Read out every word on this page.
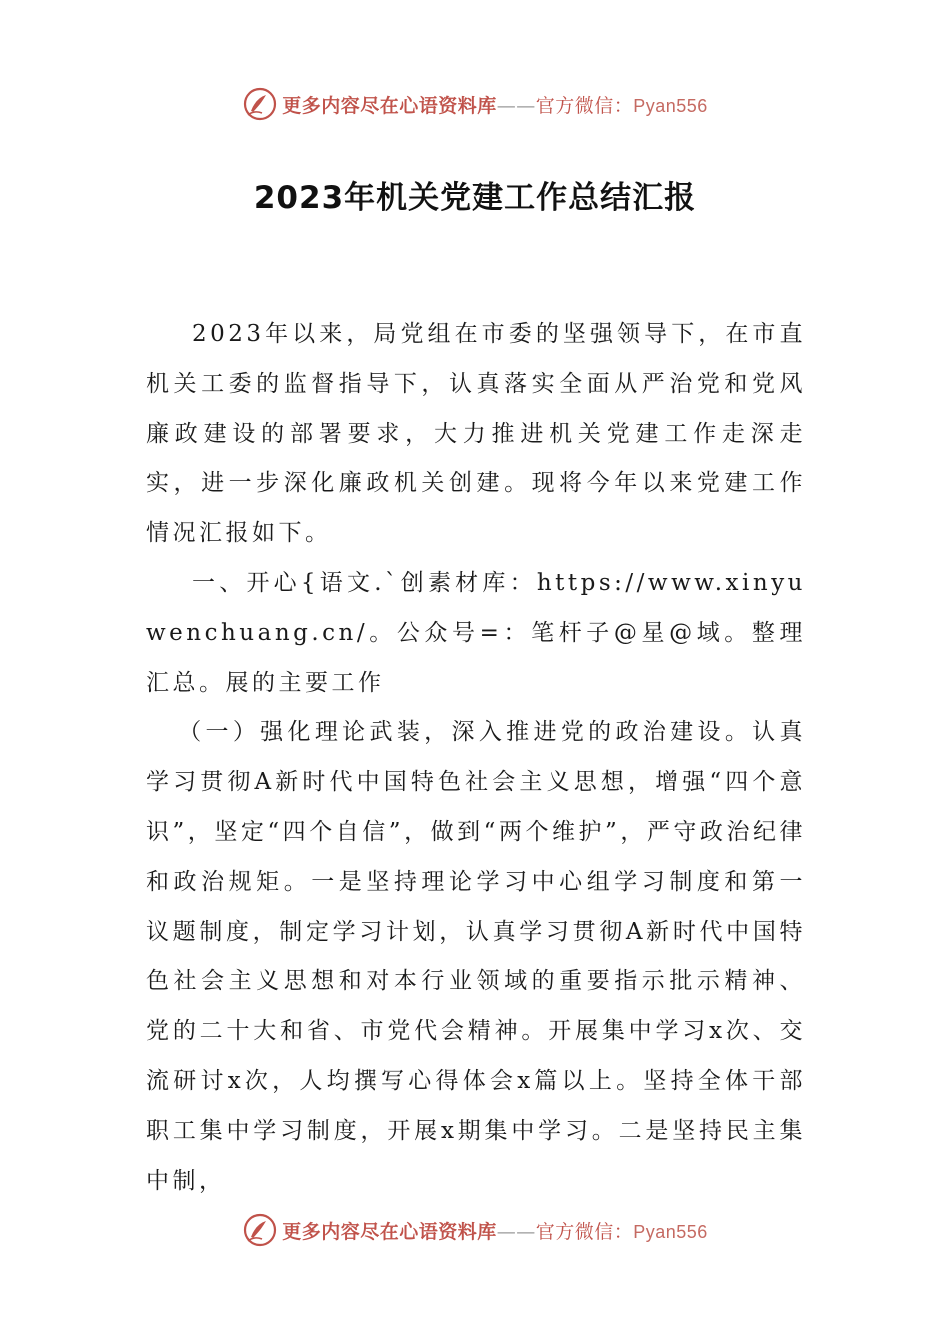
更多内容尽在心语资料库——官方微信：Pyan556
2023年机关党建工作总结汇报

2023年以来，局党组在市委的坚强领导下，在市直机关工委的监督指导下，认真落实全面从严治党和党风廉政建设的部署要求，大力推进机关党建工作走深走实，进一步深化廉政机关创建。现将今年以来党建工作情况汇报如下。

一、开心{语文.`创素材库：https://www.xinyuwenchuang.cn/。公众号=：笔杆子@星@域。整理汇总。展的主要工作

（一）强化理论武装，深入推进党的政治建设。认真学习贯彻A新时代中国特色社会主义思想，增强“四个意识”，坚定“四个自信”，做到“两个维护”，严守政治纪律和政治规矩。一是坚持理论学习中心组学习制度和第一议题制度，制定学习计划，认真学习贯彻A新时代中国特色社会主义思想和对本行业领域的重要指示批示精神、党的二十大和省、市党代会精神。开展集中学习x次、交流研讨x次，人均撰写心得体会x篇以上。坚持全体干部职工集中学习制度，开展x期集中学习。二是坚持民主集中制，

更多内容尽在心语资料库——官方微信：Pyan556
